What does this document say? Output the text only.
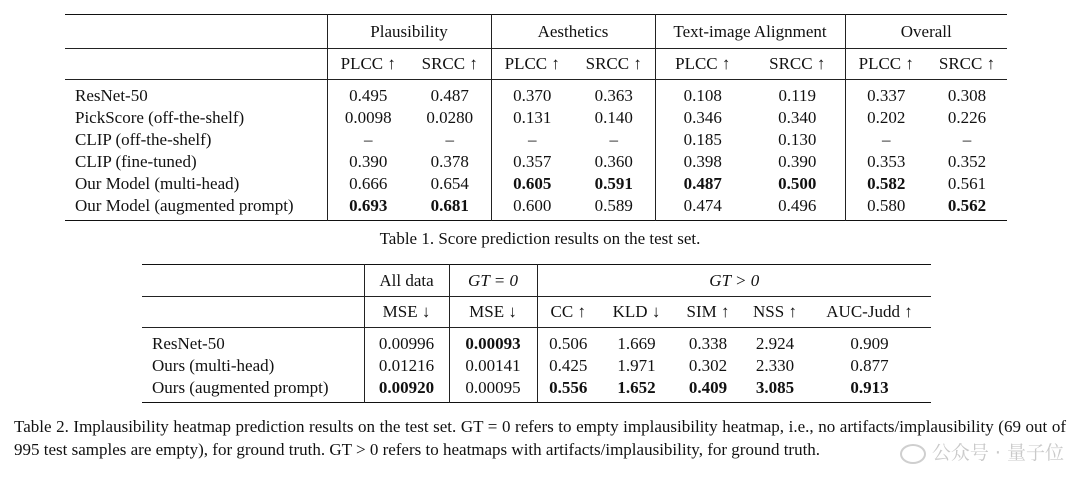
	Plausibility		Aesthetics		Text-image Alignment		Overall	
	PLCC ↑	SRCC ↑	PLCC ↑	SRCC ↑	PLCC ↑	SRCC ↑	PLCC ↑	SRCC ↑
ResNet-50	0.495	0.487	0.370	0.363	0.108	0.119	0.337	0.308
PickScore (off-the-shelf)	0.0098	0.0280	0.131	0.140	0.346	0.340	0.202	0.226
CLIP (off-the-shelf)	–	–	–	–	0.185	0.130	–	–
CLIP (fine-tuned)	0.390	0.378	0.357	0.360	0.398	0.390	0.353	0.352
Our Model (multi-head)	0.666	0.654	0.605	0.591	0.487	0.500	0.582	0.561
Our Model (augmented prompt)	0.693	0.681	0.600	0.589	0.474	0.496	0.580	0.562
Table 1. Score prediction results on the test set.
	All data	GT = 0	GT > 0				
	MSE ↓	MSE ↓	CC ↑	KLD ↓	SIM ↑	NSS ↑	AUC-Judd ↑
ResNet-50	0.00996	0.00093	0.506	1.669	0.338	2.924	0.909
Ours (multi-head)	0.01216	0.00141	0.425	1.971	0.302	2.330	0.877
Ours (augmented prompt)	0.00920	0.00095	0.556	1.652	0.409	3.085	0.913
Table 2. Implausibility heatmap prediction results on the test set. GT = 0 refers to empty implausibility heatmap, i.e., no artifacts/implausibility (69 out of 995 test samples are empty), for ground truth. GT > 0 refers to heatmaps with artifacts/implausibility, for ground truth.	公众号 · 量子位
